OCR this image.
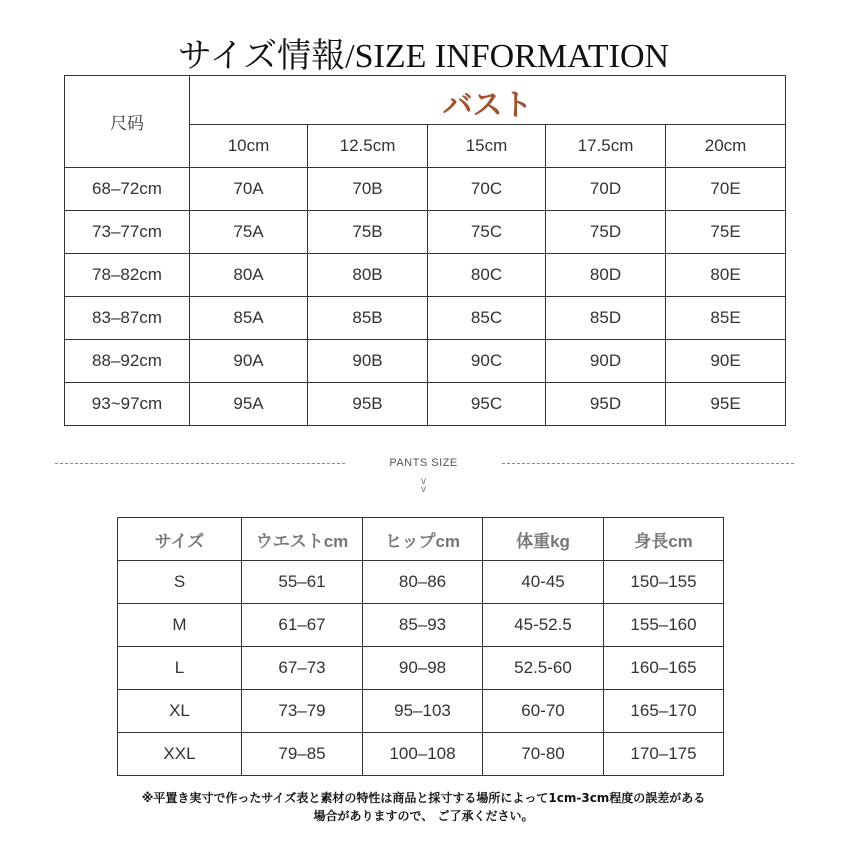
サイズ情報/SIZE INFORMATION
尺码	バスト				
	10cm	12.5cm	15cm	17.5cm	20cm
68–72cm	70A	70B	70C	70D	70E
73–77cm	75A	75B	75C	75D	75E
78–82cm	80A	80B	80C	80D	80E
83–87cm	85A	85B	85C	85D	85E
88–92cm	90A	90B	90C	90D	90E
93~97cm	95A	95B	95C	95D	95E
PANTS SIZE
v
v
サイズ	ウエストcm	ヒップcm	体重kg	身長cm
S	55–61	80–86	40-45	150–155
M	61–67	85–93	45-52.5	155–160
L	67–73	90–98	52.5-60	160–165
XL	73–79	95–103	60-70	165–170
XXL	79–85	100–108	70-80	170–175
※平置き実寸で作ったサイズ表と素材の特性は商品と採寸する場所によって1cm-3cm程度の誤差がある
場合がありますので、 ご了承ください。
